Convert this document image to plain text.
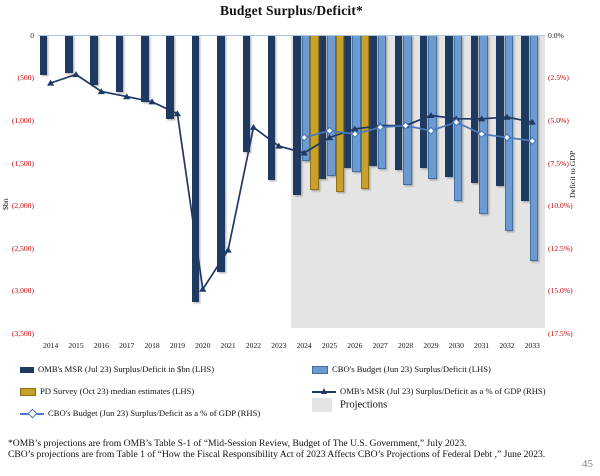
Budget Surplus/Deficit*
0
(500)
(1,000)
(1,500)
(2,000)
(2,500)
(3,000)
(3,500)
0.0%
(2.5%)
(5.0%)
(7.5%)
(10.0%)
(12.5%)
(15.0%)
(17.5%)
2014	2015	2016	2017	2018	2019	2020	2021	2022	2023	2024	2025	2026	2027	2028	2029	2030	2031	2032	2033
$bn
Deficit to GDP
OMB's MSR (Jul 23) Surplus/Deficit in $bn (LHS)
PD Survey (Oct 23) median estimates (LHS)
CBO's Budget (Jun 23) Surplus/Deficit as a % of GDP (RHS)
CBO's Budget (Jun 23) Surplus/Deficit (LHS)
OMB's MSR (Jul 23) Surplus/Deficit as a % of GDP (RHS)
Projections
*OMB’s projections are from OMB’s Table S-1 of “Mid-Session Review, Budget of The U.S. Government,” July 2023.
CBO’s projections are from Table 1 of “How the Fiscal Responsibility Act of 2023 Affects CBO’s Projections of Federal Debt ,” June 2023.
45
